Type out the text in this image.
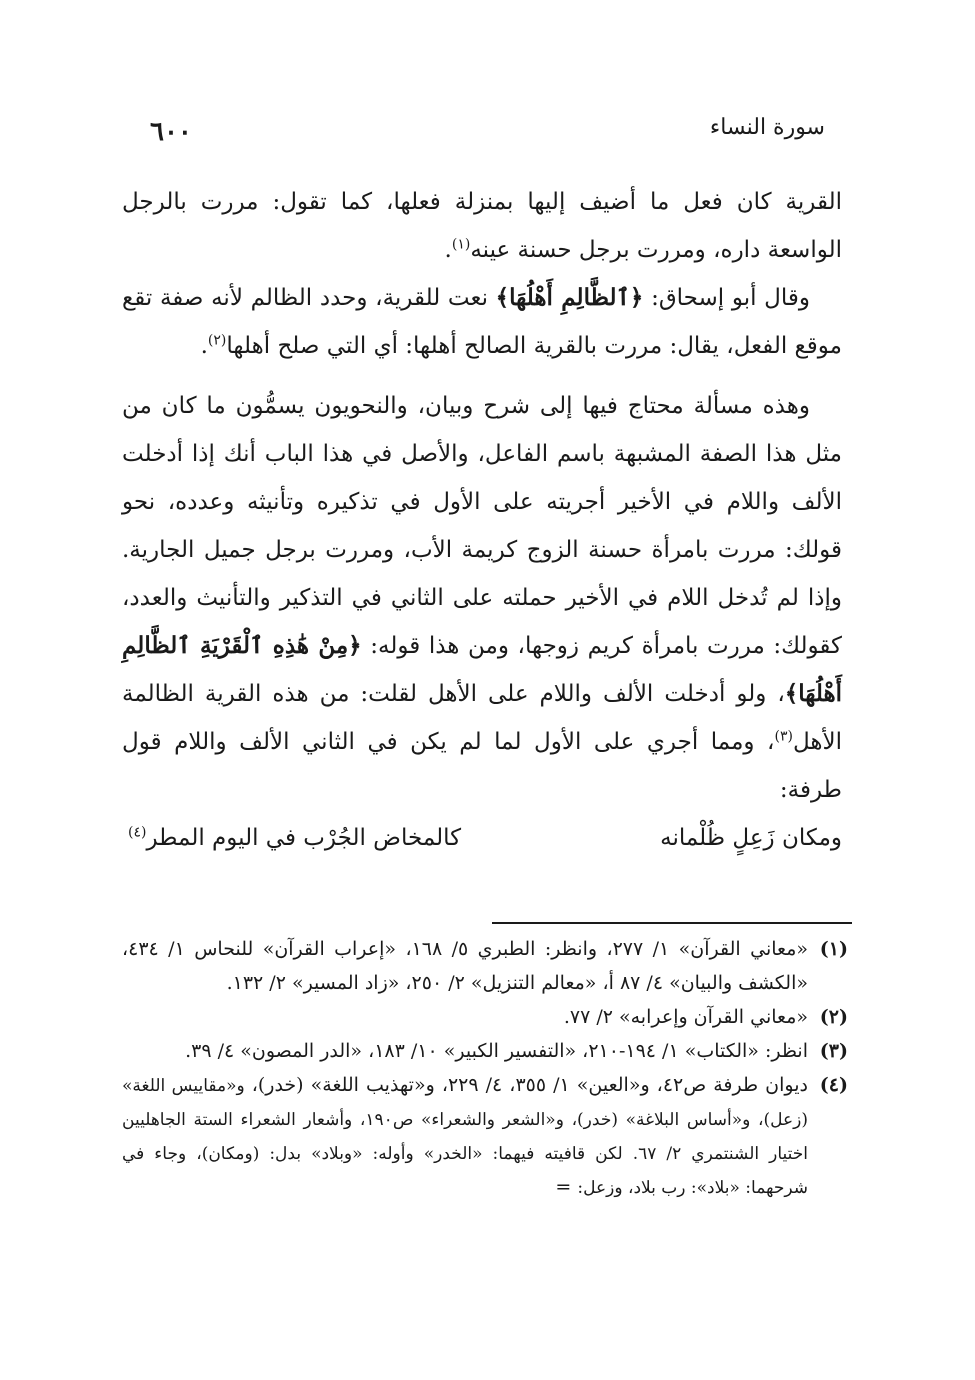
سورة النساء
٦٠٠

القرية كان فعل ما أضيف إليها بمنزلة فعلها، كما تقول: مررت بالرجل الواسعة داره، ومررت برجل حسنة عينه$^{(١)}$.

وقال أبو إسحاق: ﴿ٱلظَّالِمِ أَهْلُهَا﴾ نعت للقرية، وحدد الظالم لأنه صفة تقع موقع الفعل، يقال: مررت بالقرية الصالح أهلها: أي التي صلح أهلها$^{(٢)}$.

وهذه مسألة محتاج فيها إلى شرح وبيان، والنحويون يسمُّون ما كان من مثل هذا الصفة المشبهة باسم الفاعل، والأصل في هذا الباب أنك إذا أدخلت الألف واللام في الأخير أجريته على الأول في تذكيره وتأنيثه وعدده، نحو قولك: مررت بامرأة حسنة الزوج كريمة الأب، ومررت برجل جميل الجارية. وإذا لم تُدخل اللام في الأخير حملته على الثاني في التذكير والتأنيث والعدد، كقولك: مررت بامرأة كريم زوجها، ومن هذا قوله: ﴿مِنْ هَٰذِهِ ٱلْقَرْيَةِ ٱلظَّالِمِ أَهْلُهَا﴾، ولو أدخلت الألف واللام على الأهل لقلت: من هذه القرية الظالمة الأهل$^{(٣)}$، ومما أجري على الأول لما لم يكن في الثاني الألف واللام قول طرفة:

ومكان زَعِلٍ ظُلْمانه
كالمخاض الجُرْب في اليوم المطر$^{(٤)}$
(١)
«معاني القرآن» ١/ ٢٧٧، وانظر: الطبري ٥/ ١٦٨، «إعراب القرآن» للنحاس ١/ ٤٣٤، «الكشف والبيان» ٤/ ٨٧ أ، «معالم التنزيل» ٢/ ٢٥٠، «زاد المسير» ٢/ ١٣٢.
(٢)
«معاني القرآن وإعرابه» ٢/ ٧٧.
(٣)
انظر: «الكتاب» ١/ ١٩٤-٢١٠، «التفسير الكبير» ١٠/ ١٨٣، «الدر المصون» ٤/ ٣٩.
(٤)
ديوان طرفة ص٤٢، و«العين» ١/ ٣٥٥، ٤/ ٢٢٩، و«تهذيب اللغة» (خدر)، و«مقاييس اللغة» (زعل)، و«أساس البلاغة» (خدر)، و«الشعر والشعراء» ص١٩٠، وأشعار الشعراء الستة الجاهليين اختيار الشنتمري ٢/ ٦٧. لكن قافيته فيهما: «الخدر» وأوله: «وبلاد» بدل: (ومكان)، وجاء في شرحهما: «بلاد»: رب بلاد، وزعل: =
